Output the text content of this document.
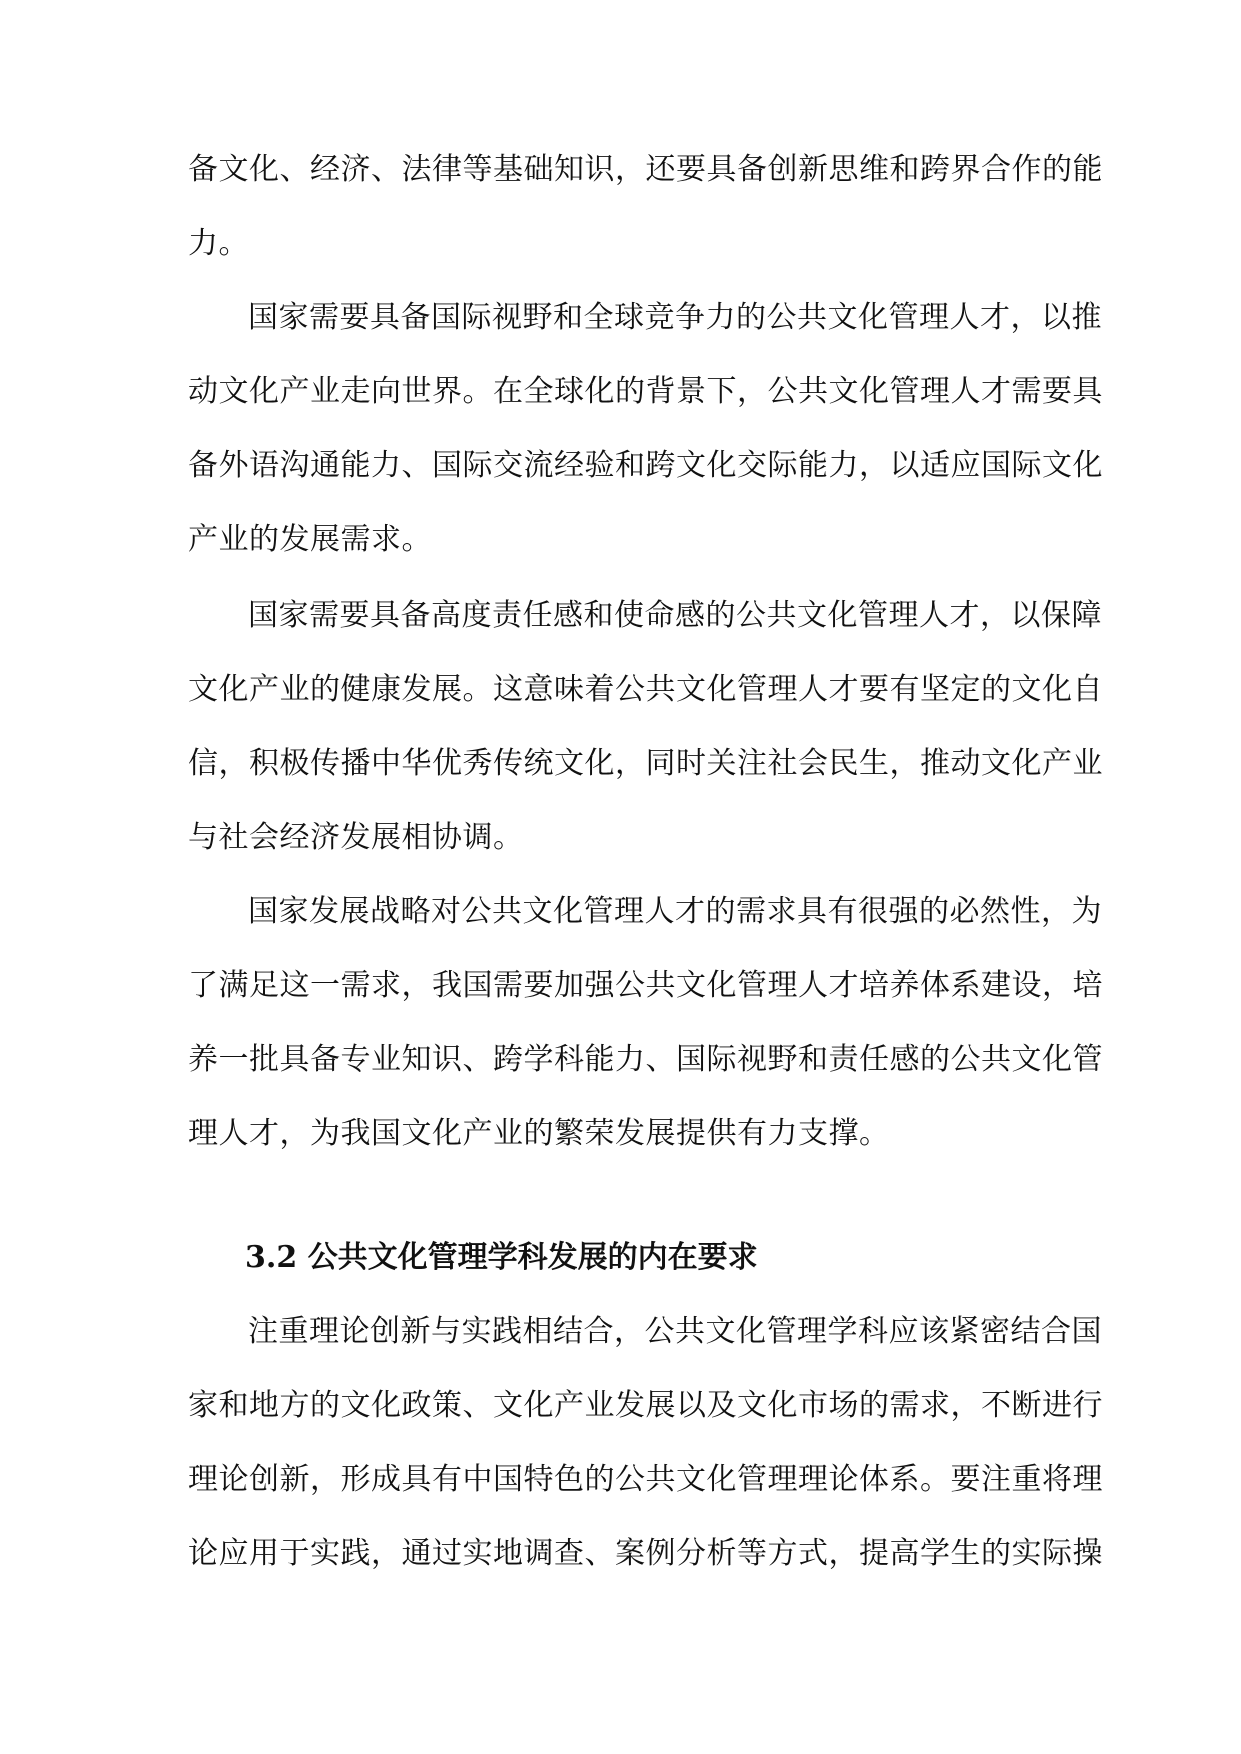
备文化、经济、法律等基础知识，还要具备创新思维和跨界合作的能
力。
国家需要具备国际视野和全球竞争力的公共文化管理人才，以推
动文化产业走向世界。在全球化的背景下，公共文化管理人才需要具
备外语沟通能力、国际交流经验和跨文化交际能力，以适应国际文化
产业的发展需求。
国家需要具备高度责任感和使命感的公共文化管理人才，以保障
文化产业的健康发展。这意味着公共文化管理人才要有坚定的文化自
信，积极传播中华优秀传统文化，同时关注社会民生，推动文化产业
与社会经济发展相协调。
国家发展战略对公共文化管理人才的需求具有很强的必然性，为
了满足这一需求，我国需要加强公共文化管理人才培养体系建设，培
养一批具备专业知识、跨学科能力、国际视野和责任感的公共文化管
理人才，为我国文化产业的繁荣发展提供有力支撑。
3.2 公共文化管理学科发展的内在要求
注重理论创新与实践相结合，公共文化管理学科应该紧密结合国
家和地方的文化政策、文化产业发展以及文化市场的需求，不断进行
理论创新，形成具有中国特色的公共文化管理理论体系。要注重将理
论应用于实践，通过实地调查、案例分析等方式，提高学生的实际操
